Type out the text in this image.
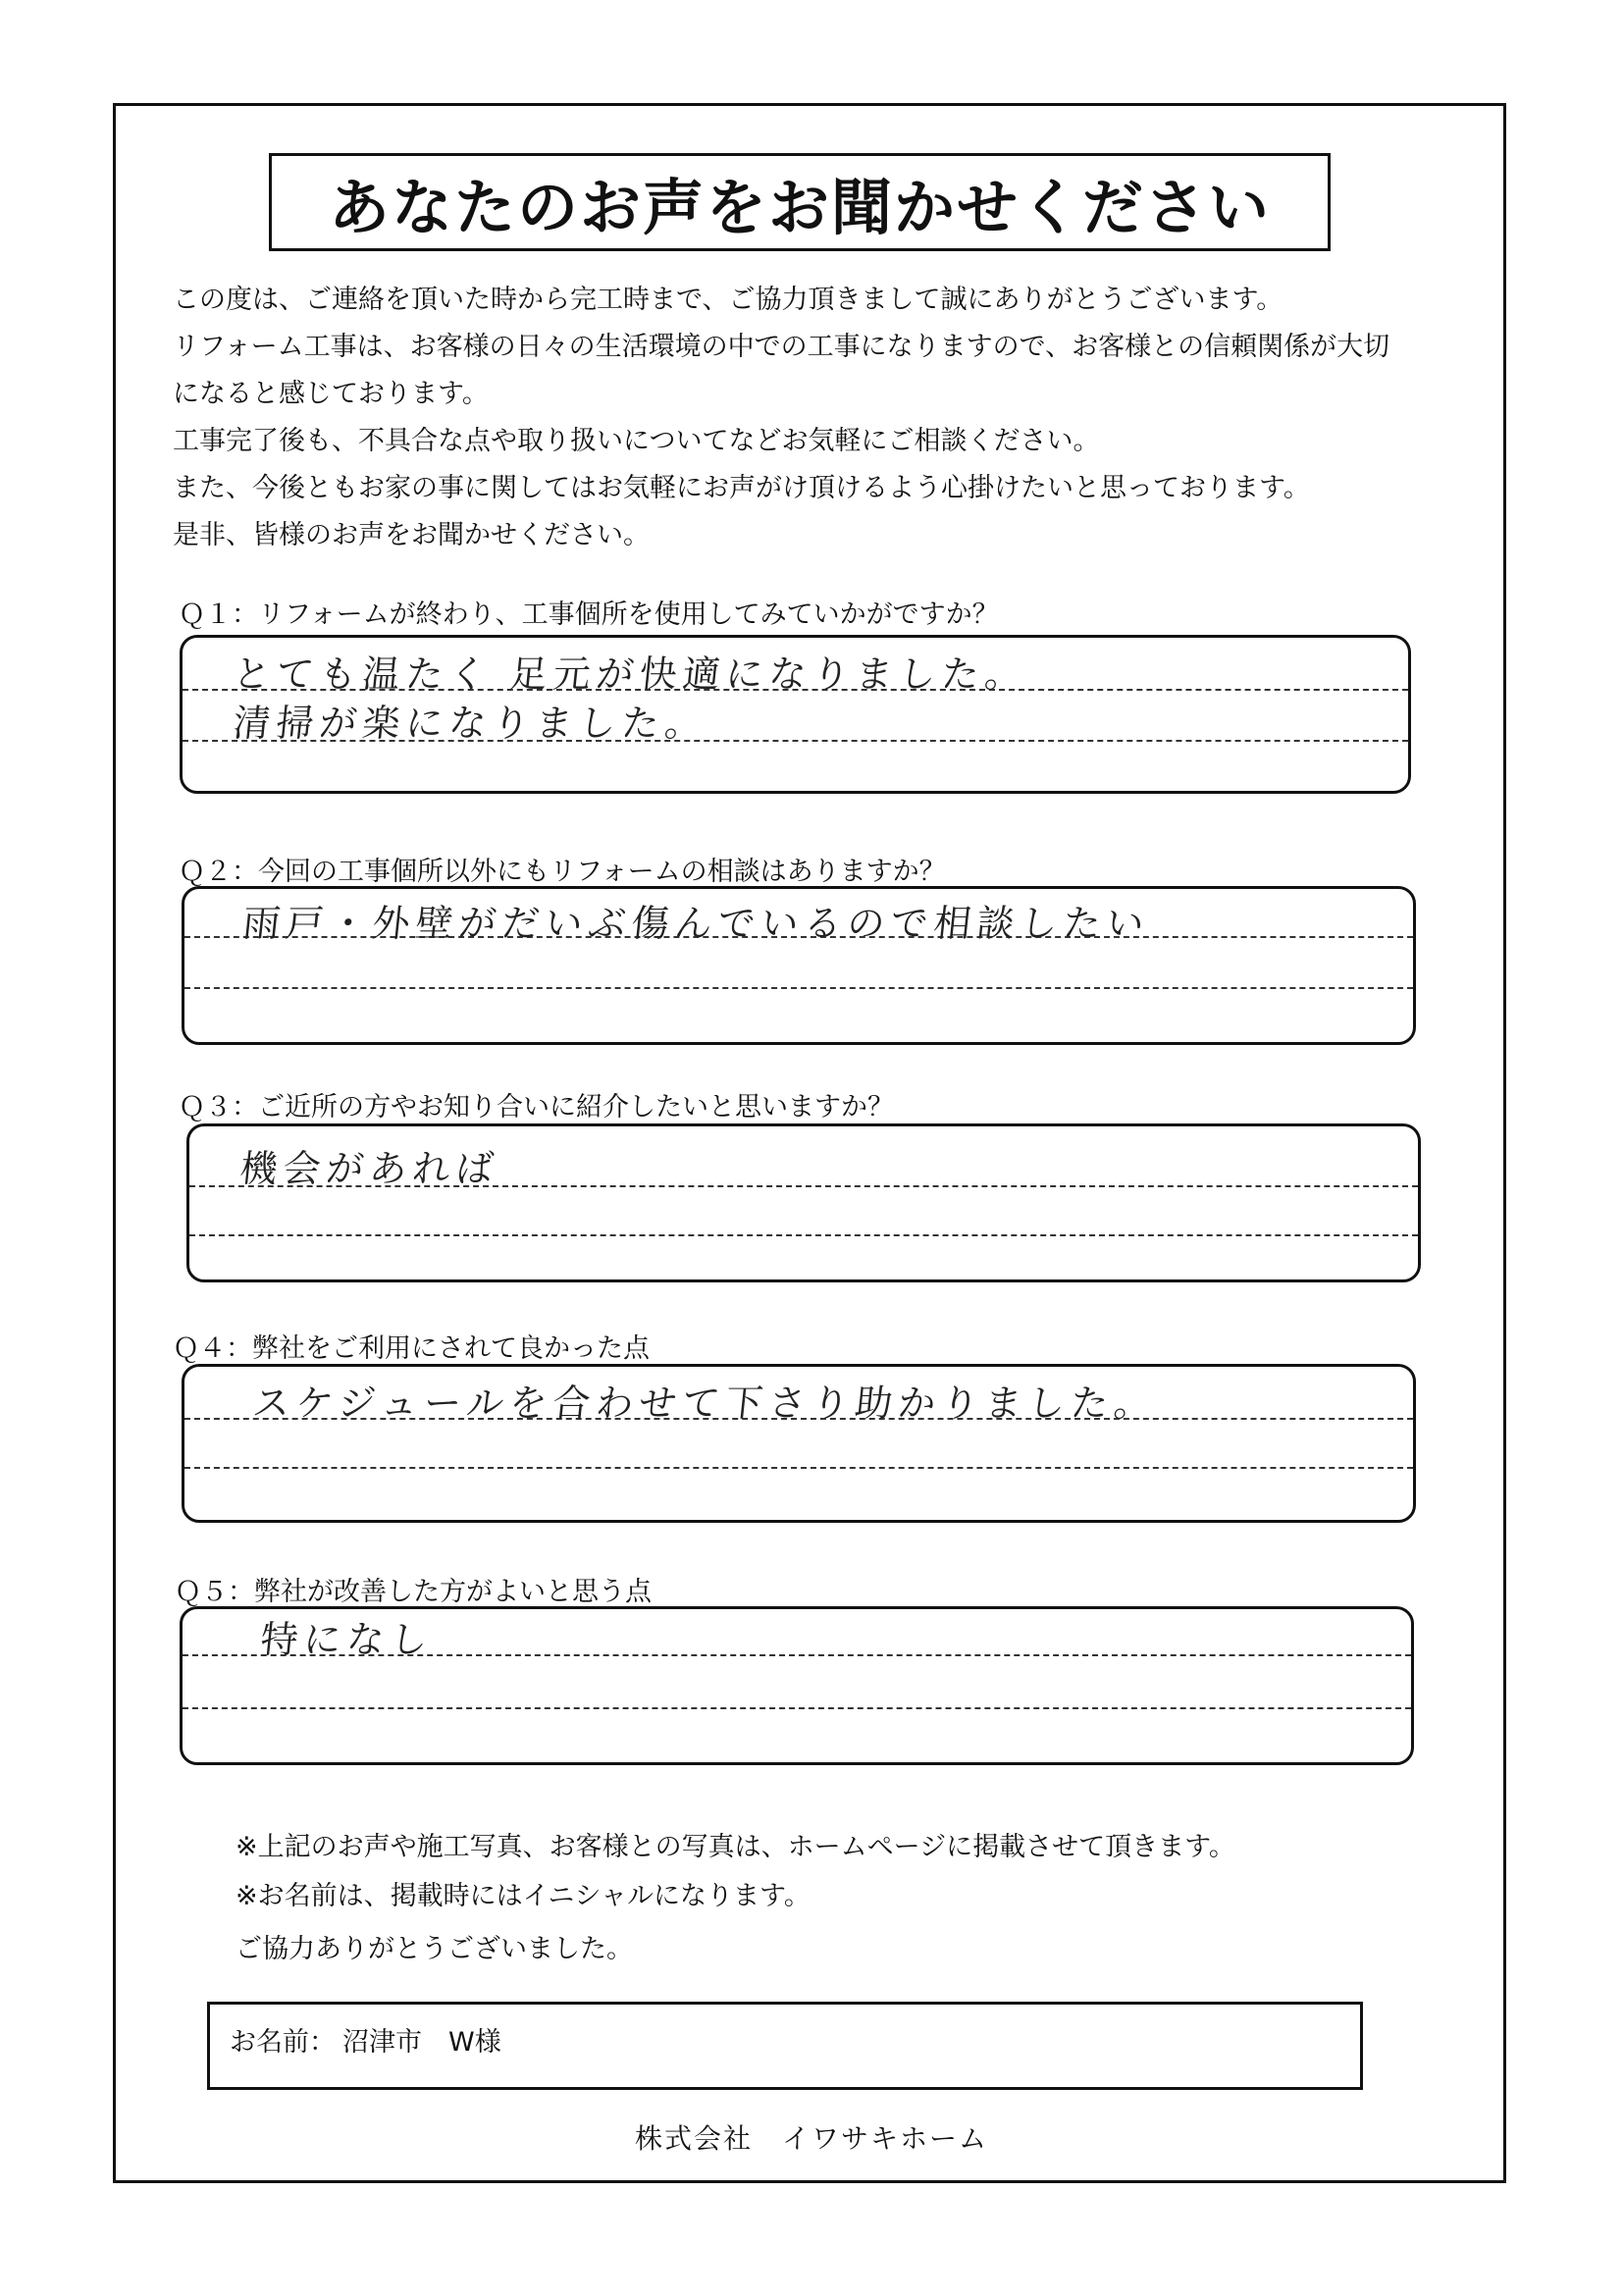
あなたのお声をお聞かせください

この度は、ご連絡を頂いた時から完工時まで、ご協力頂きまして誠にありがとうございます。

リフォーム工事は、お客様の日々の生活環境の中での工事になりますので、お客様との信頼関係が大切

になると感じております。

工事完了後も、不具合な点や取り扱いについてなどお気軽にご相談ください。

また、今後ともお家の事に関してはお気軽にお声がけ頂けるよう心掛けたいと思っております。

是非、皆様のお声をお聞かせください。

Ｑ１：リフォームが終わり、工事個所を使用してみていかがですか？
とても温たく 足元が快適になりました。
清掃が楽になりました。
Ｑ２：今回の工事個所以外にもリフォームの相談はありますか？
雨戸・外壁がだいぶ傷んでいるので相談したい
Ｑ３：ご近所の方やお知り合いに紹介したいと思いますか？
機会があれば
Ｑ４：弊社をご利用にされて良かった点
スケジュールを合わせて下さり助かりました。
Ｑ５：弊社が改善した方がよいと思う点
特になし

※上記のお声や施工写真、お客様との写真は、ホームページに掲載させて頂きます。

※お名前は、掲載時にはイニシャルになります。

ご協力ありがとうございました。

お名前： 沼津市　W様
株式会社　イワサキホーム
